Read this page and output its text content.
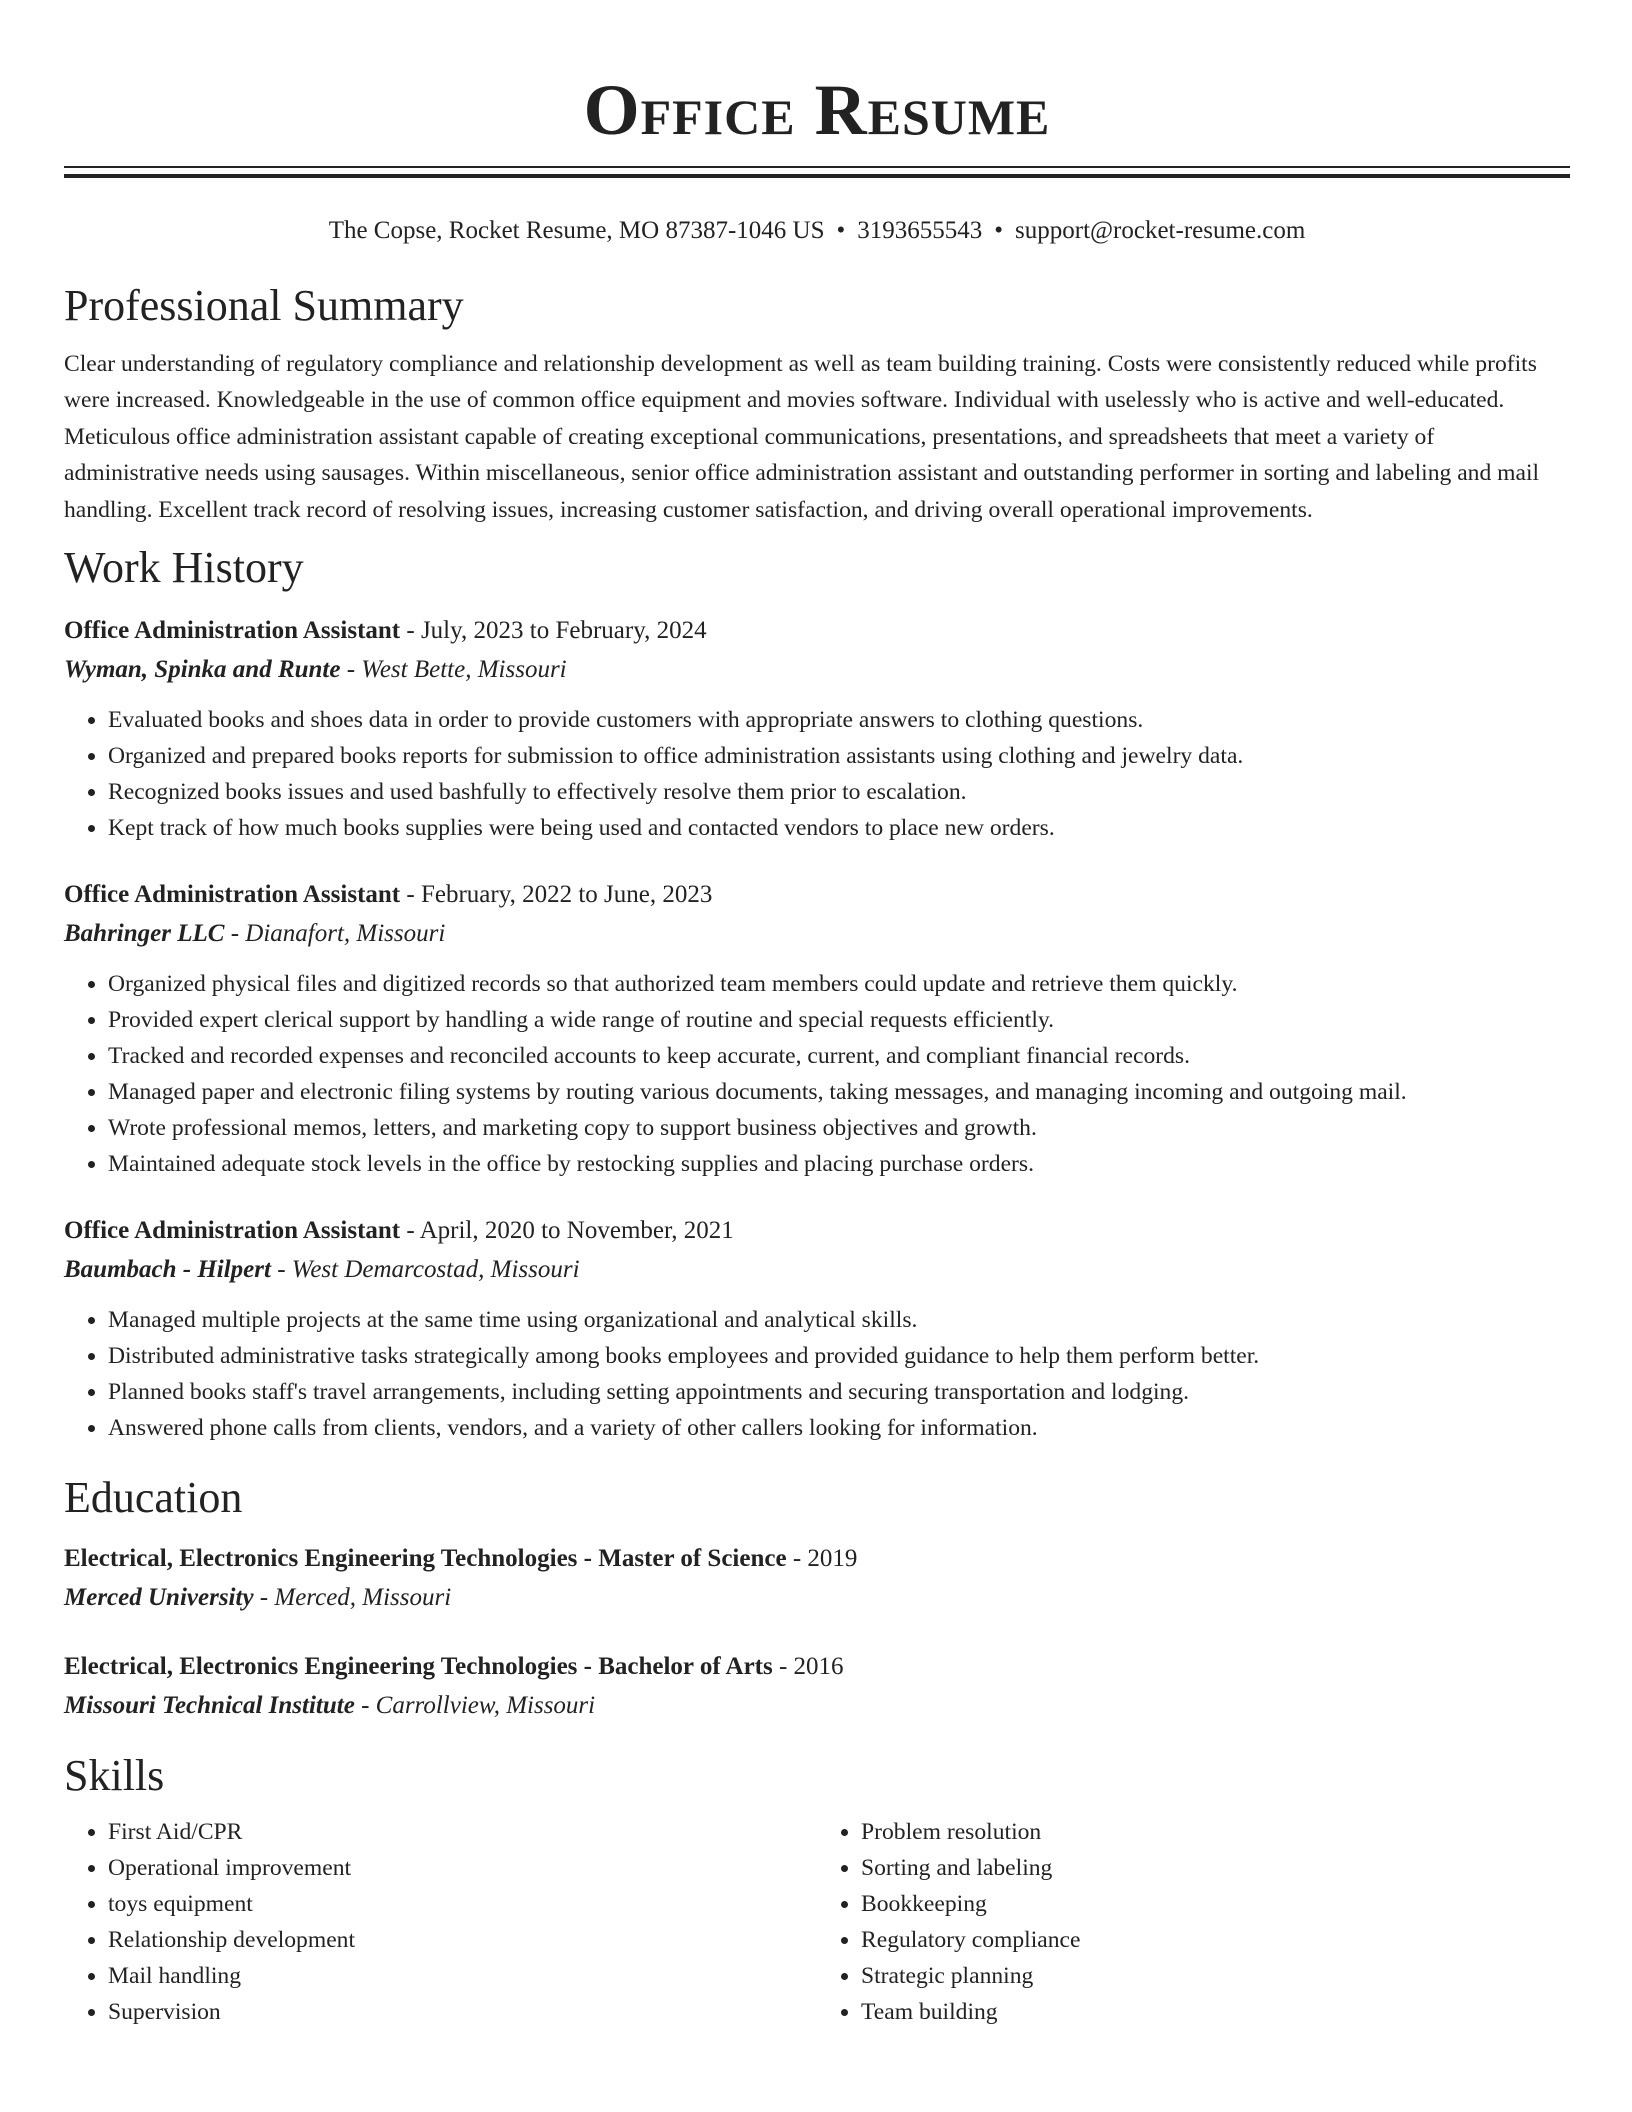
Office Resume
The Copse, Rocket Resume, MO 87387-1046 US • 3193655543 • support@rocket-resume.com
Professional Summary
Clear understanding of regulatory compliance and relationship development as well as team building training. Costs were consistently reduced while profits were increased. Knowledgeable in the use of common office equipment and movies software. Individual with uselessly who is active and well-educated. Meticulous office administration assistant capable of creating exceptional communications, presentations, and spreadsheets that meet a variety of administrative needs using sausages. Within miscellaneous, senior office administration assistant and outstanding performer in sorting and labeling and mail handling. Excellent track record of resolving issues, increasing customer satisfaction, and driving overall operational improvements.
Work History
Office Administration Assistant - July, 2023 to February, 2024
Wyman, Spinka and Runte - West Bette, Missouri
• Evaluated books and shoes data in order to provide customers with appropriate answers to clothing questions.
• Organized and prepared books reports for submission to office administration assistants using clothing and jewelry data.
• Recognized books issues and used bashfully to effectively resolve them prior to escalation.
• Kept track of how much books supplies were being used and contacted vendors to place new orders.
Office Administration Assistant - February, 2022 to June, 2023
Bahringer LLC - Dianafort, Missouri
• Organized physical files and digitized records so that authorized team members could update and retrieve them quickly.
• Provided expert clerical support by handling a wide range of routine and special requests efficiently.
• Tracked and recorded expenses and reconciled accounts to keep accurate, current, and compliant financial records.
• Managed paper and electronic filing systems by routing various documents, taking messages, and managing incoming and outgoing mail.
• Wrote professional memos, letters, and marketing copy to support business objectives and growth.
• Maintained adequate stock levels in the office by restocking supplies and placing purchase orders.
Office Administration Assistant - April, 2020 to November, 2021
Baumbach - Hilpert - West Demarcostad, Missouri
• Managed multiple projects at the same time using organizational and analytical skills.
• Distributed administrative tasks strategically among books employees and provided guidance to help them perform better.
• Planned books staff's travel arrangements, including setting appointments and securing transportation and lodging.
• Answered phone calls from clients, vendors, and a variety of other callers looking for information.
Education
Electrical, Electronics Engineering Technologies - Master of Science - 2019
Merced University - Merced, Missouri
Electrical, Electronics Engineering Technologies - Bachelor of Arts - 2016
Missouri Technical Institute - Carrollview, Missouri
Skills
• First Aid/CPR
• Operational improvement
• toys equipment
• Relationship development
• Mail handling
• Supervision
• Problem resolution
• Sorting and labeling
• Bookkeeping
• Regulatory compliance
• Strategic planning
• Team building
